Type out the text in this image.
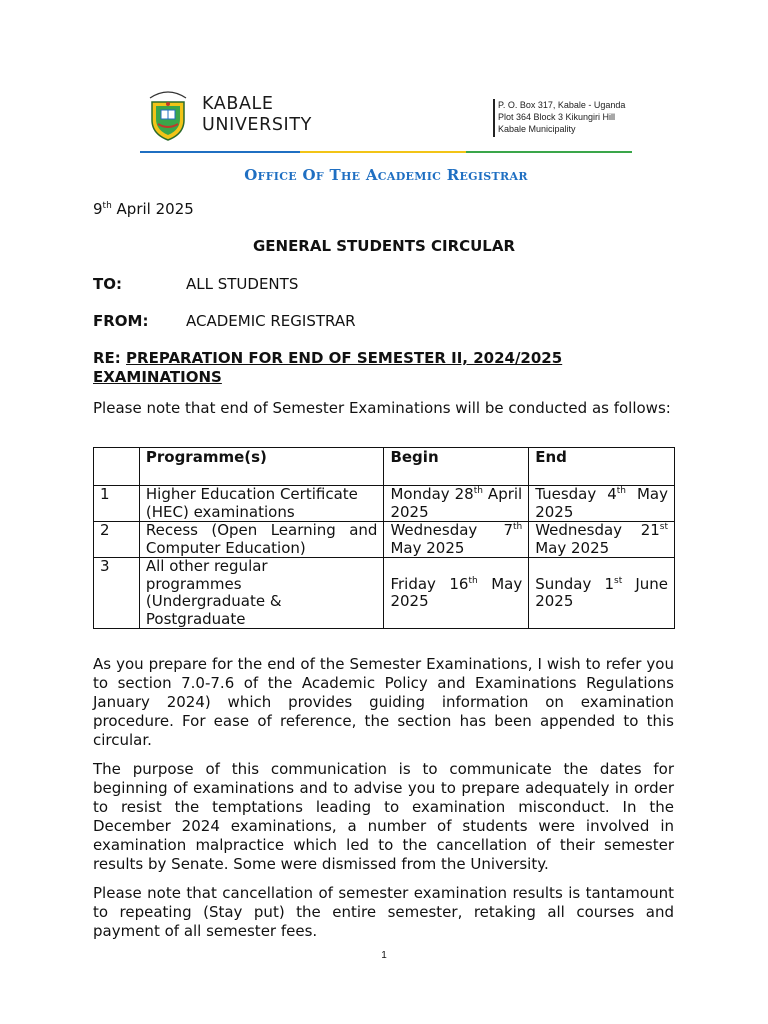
KABALE
UNIVERSITY
P. O. Box 317, Kabale - Uganda
Plot 364 Block 3 Kikungiri Hill
Kabale Municipality
Office Of The Academic Registrar
9th April 2025
GENERAL STUDENTS CIRCULAR
TO:	ALL STUDENTS
FROM:	ACADEMIC REGISTRAR
RE: PREPARATION FOR END OF SEMESTER II, 2024/2025 EXAMINATIONS
Please note that end of Semester Examinations will be conducted as follows:
	Programme(s)	Begin	End
1	Higher Education Certificate (HEC) examinations	Monday 28th April 2025	Tuesday 4th May 2025
2	Recess (Open Learning and Computer Education)	Wednesday 7th May 2025	Wednesday 21st May 2025
3	All other regular programmes (Undergraduate & Postgraduate	Friday 16th May 2025	Sunday 1st June 2025
As you prepare for the end of the Semester Examinations, I wish to refer you to section 7.0-7.6 of the Academic Policy and Examinations Regulations January 2024) which provides guiding information on examination procedure. For ease of reference, the section has been appended to this circular.
The purpose of this communication is to communicate the dates for beginning of examinations and to advise you to prepare adequately in order to resist the temptations leading to examination misconduct. In the December 2024 examinations, a number of students were involved in examination malpractice which led to the cancellation of their semester results by Senate. Some were dismissed from the University.
Please note that cancellation of semester examination results is tantamount to repeating (Stay put) the entire semester, retaking all courses and payment of all semester fees.
1
